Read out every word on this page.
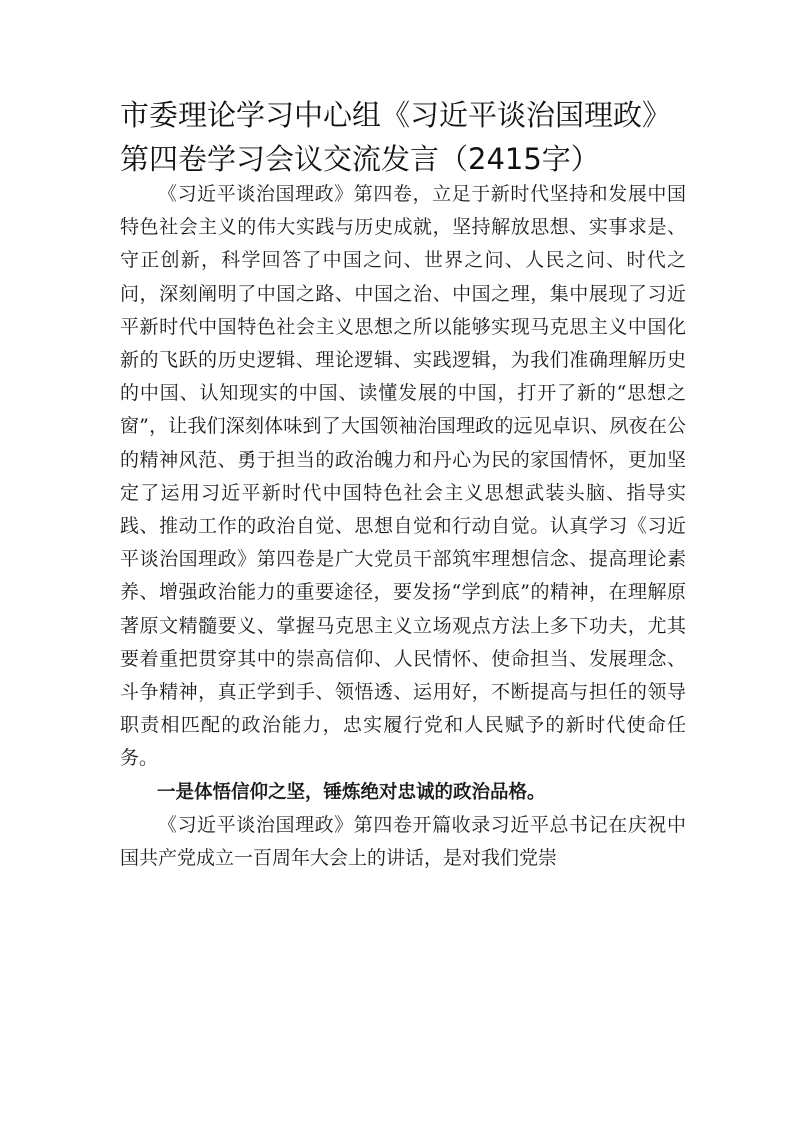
市委理论学习中心组《习近平谈治国理政》
第四卷学习会议交流发言（2415字）

《习近平谈治国理政》第四卷，立足于新时代坚持和发展中国特色社会主义的伟大实践与历史成就，坚持解放思想、实事求是、守正创新，科学回答了中国之问、世界之问、人民之问、时代之问，深刻阐明了中国之路、中国之治、中国之理，集中展现了习近平新时代中国特色社会主义思想之所以能够实现马克思主义中国化新的飞跃的历史逻辑、理论逻辑、实践逻辑，为我们准确理解历史的中国、认知现实的中国、读懂发展的中国，打开了新的“思想之窗”，让我们深刻体味到了大国领袖治国理政的远见卓识、夙夜在公的精神风范、勇于担当的政治魄力和丹心为民的家国情怀，更加坚定了运用习近平新时代中国特色社会主义思想武装头脑、指导实践、推动工作的政治自觉、思想自觉和行动自觉。认真学习《习近平谈治国理政》第四卷是广大党员干部筑牢理想信念、提高理论素养、增强政治能力的重要途径，要发扬“学到底”的精神，在理解原著原文精髓要义、掌握马克思主义立场观点方法上多下功夫，尤其要着重把贯穿其中的崇高信仰、人民情怀、使命担当、发展理念、斗争精神，真正学到手、领悟透、运用好，不断提高与担任的领导职责相匹配的政治能力，忠实履行党和人民赋予的新时代使命任务。

一是体悟信仰之坚，锤炼绝对忠诚的政治品格。

《习近平谈治国理政》第四卷开篇收录习近平总书记在庆祝中国共产党成立一百周年大会上的讲话，是对我们党崇
